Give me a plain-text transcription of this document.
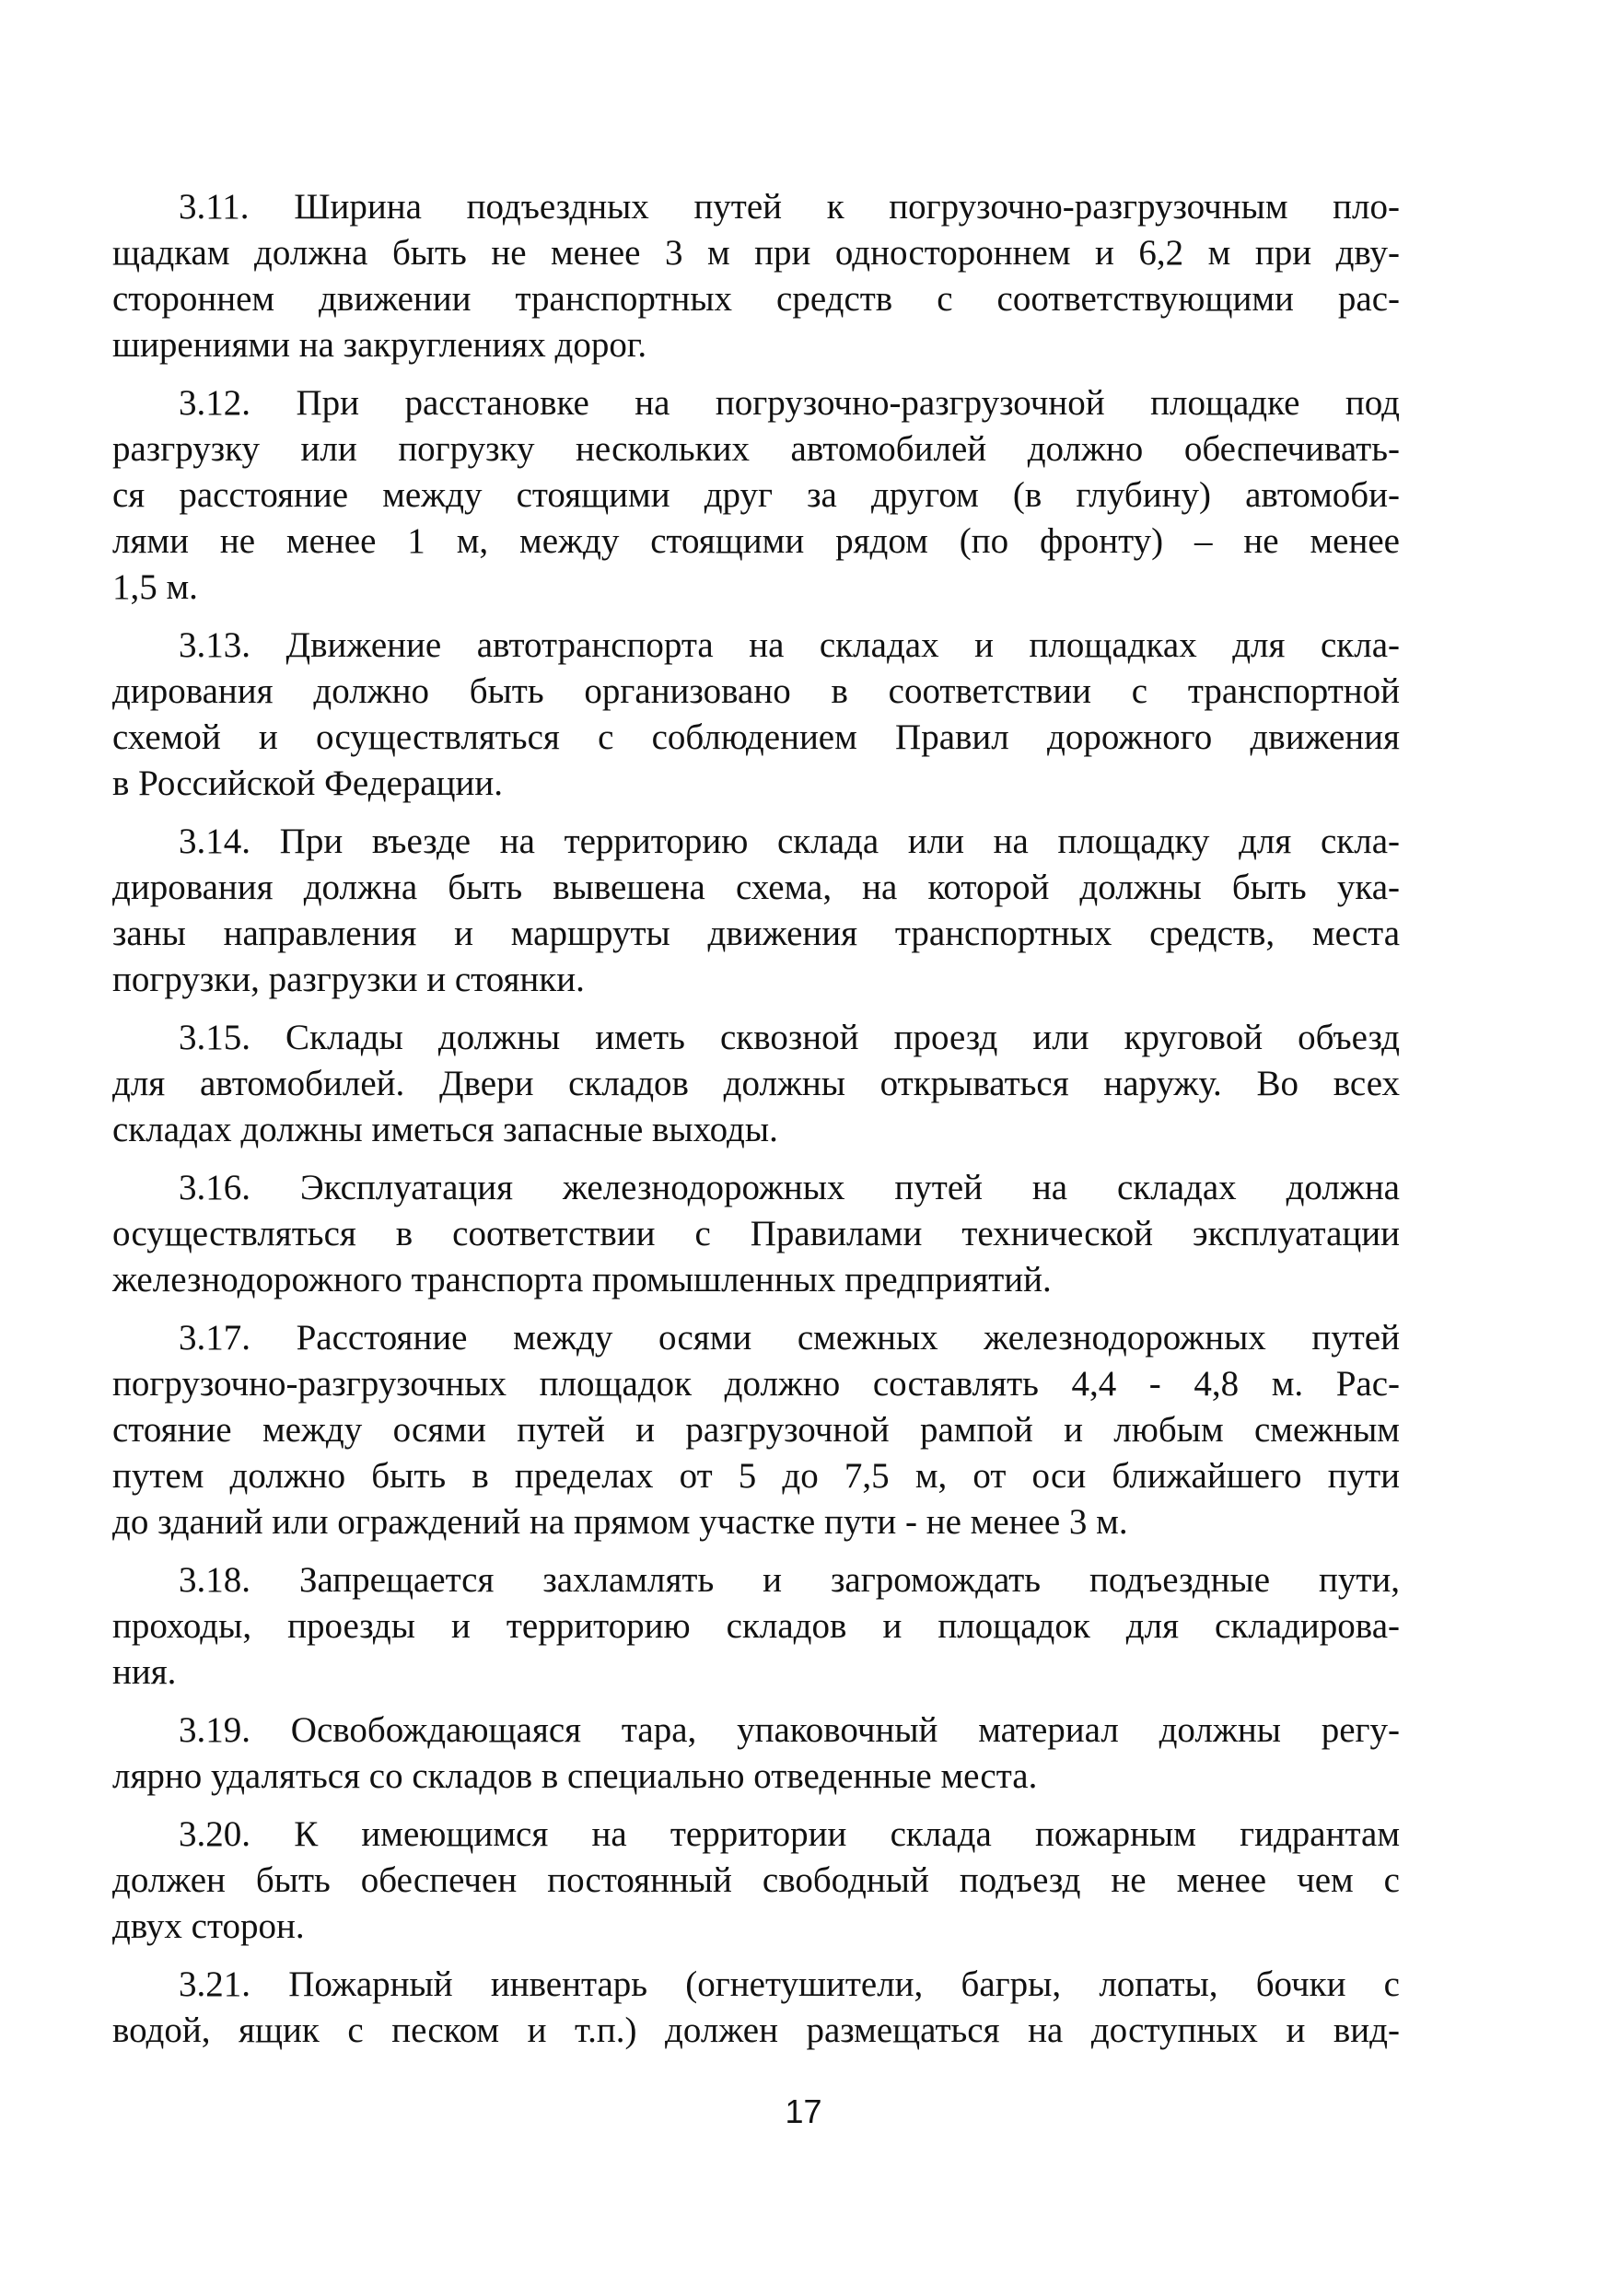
3.11. Ширина подъездных путей к погрузочно-разгрузочным пло-
щадкам должна быть не менее 3 м при одностороннем и 6,2 м при дву-
стороннем движении транспортных средств с соответствующими рас-
ширениями на закруглениях дорог.
3.12. При расстановке на погрузочно-разгрузочной площадке под
разгрузку или погрузку нескольких автомобилей должно обеспечивать-
ся расстояние между стоящими друг за другом (в глубину) автомоби-
лями не менее 1 м, между стоящими рядом (по фронту) – не менее
1,5 м.
3.13. Движение автотранспорта на складах и площадках для скла-
дирования должно быть организовано в соответствии с транспортной
схемой и осуществляться с соблюдением Правил дорожного движения
в Российской Федерации.
3.14. При въезде на территорию склада или на площадку для скла-
дирования должна быть вывешена схема, на которой должны быть ука-
заны направления и маршруты движения транспортных средств, места
погрузки, разгрузки и стоянки.
3.15. Склады должны иметь сквозной проезд или круговой объезд
для автомобилей. Двери складов должны открываться наружу. Во всех
складах должны иметься запасные выходы.
3.16. Эксплуатация железнодорожных путей на складах должна
осуществляться в соответствии с Правилами технической эксплуатации
железнодорожного транспорта промышленных предприятий.
3.17. Расстояние между осями смежных железнодорожных путей
погрузочно-разгрузочных площадок должно составлять 4,4 - 4,8 м. Рас-
стояние между осями путей и разгрузочной рампой и любым смежным
путем должно быть в пределах от 5 до 7,5 м, от оси ближайшего пути
до зданий или ограждений на прямом участке пути - не менее 3 м.
3.18. Запрещается захламлять и загромождать подъездные пути,
проходы, проезды и территорию складов и площадок для складирова-
ния.
3.19. Освобождающаяся тара, упаковочный материал должны регу-
лярно удаляться со складов в специально отведенные места.
3.20. К имеющимся на территории склада пожарным гидрантам
должен быть обеспечен постоянный свободный подъезд не менее чем с
двух сторон.
3.21. Пожарный инвентарь (огнетушители, багры, лопаты, бочки с
водой, ящик с песком и т.п.) должен размещаться на доступных и вид-
17
